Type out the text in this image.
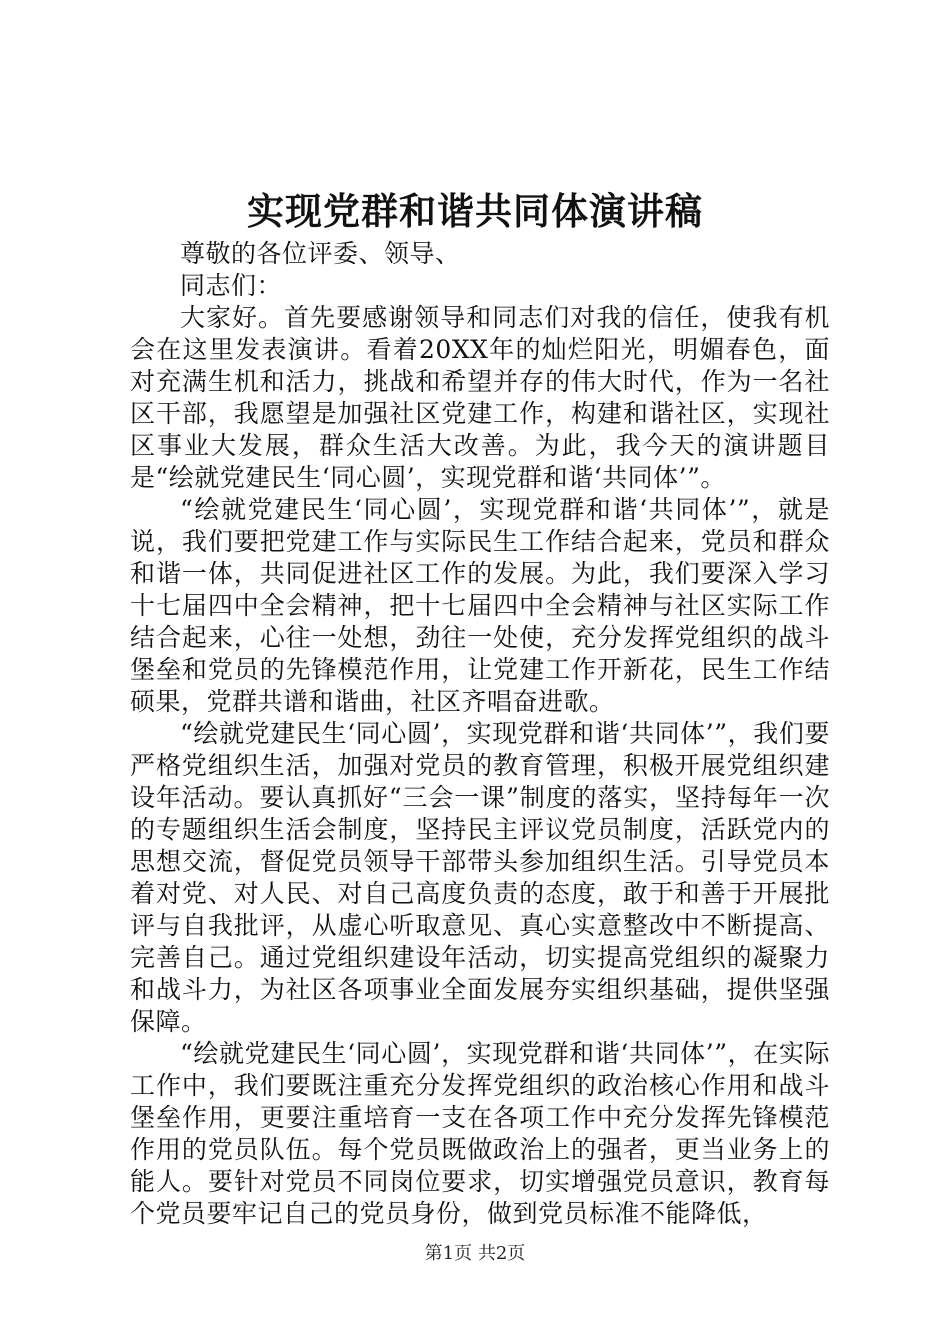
实现党群和谐共同体演讲稿

尊敬的各位评委、领导、

同志们：

大家好。首先要感谢领导和同志们对我的信任，使我有机会在这里发表演讲。看着20XX年的灿烂阳光，明媚春色，面对充满生机和活力，挑战和希望并存的伟大时代，作为一名社区干部，我愿望是加强社区党建工作，构建和谐社区，实现社区事业大发展，群众生活大改善。为此，我今天的演讲题目是“绘就党建民生‘同心圆’，实现党群和谐‘共同体’”。

“绘就党建民生‘同心圆’，实现党群和谐‘共同体’”，就是说，我们要把党建工作与实际民生工作结合起来，党员和群众和谐一体，共同促进社区工作的发展。为此，我们要深入学习十七届四中全会精神，把十七届四中全会精神与社区实际工作结合起来，心往一处想，劲往一处使，充分发挥党组织的战斗堡垒和党员的先锋模范作用，让党建工作开新花，民生工作结硕果，党群共谱和谐曲，社区齐唱奋进歌。

“绘就党建民生‘同心圆’，实现党群和谐‘共同体’”，我们要严格党组织生活，加强对党员的教育管理，积极开展党组织建设年活动。要认真抓好“三会一课”制度的落实，坚持每年一次的专题组织生活会制度，坚持民主评议党员制度，活跃党内的思想交流，督促党员领导干部带头参加组织生活。引导党员本着对党、对人民、对自己高度负责的态度，敢于和善于开展批评与自我批评，从虚心听取意见、真心实意整改中不断提高、完善自己。通过党组织建设年活动，切实提高党组织的凝聚力和战斗力，为社区各项事业全面发展夯实组织基础，提供坚强保障。

“绘就党建民生‘同心圆’，实现党群和谐‘共同体’”，在实际工作中，我们要既注重充分发挥党组织的政治核心作用和战斗堡垒作用，更要注重培育一支在各项工作中充分发挥先锋模范作用的党员队伍。每个党员既做政治上的强者，更当业务上的能人。要针对党员不同岗位要求，切实增强党员意识，教育每个党员要牢记自己的党员身份，做到党员标准不能降低，

第1页 共2页
